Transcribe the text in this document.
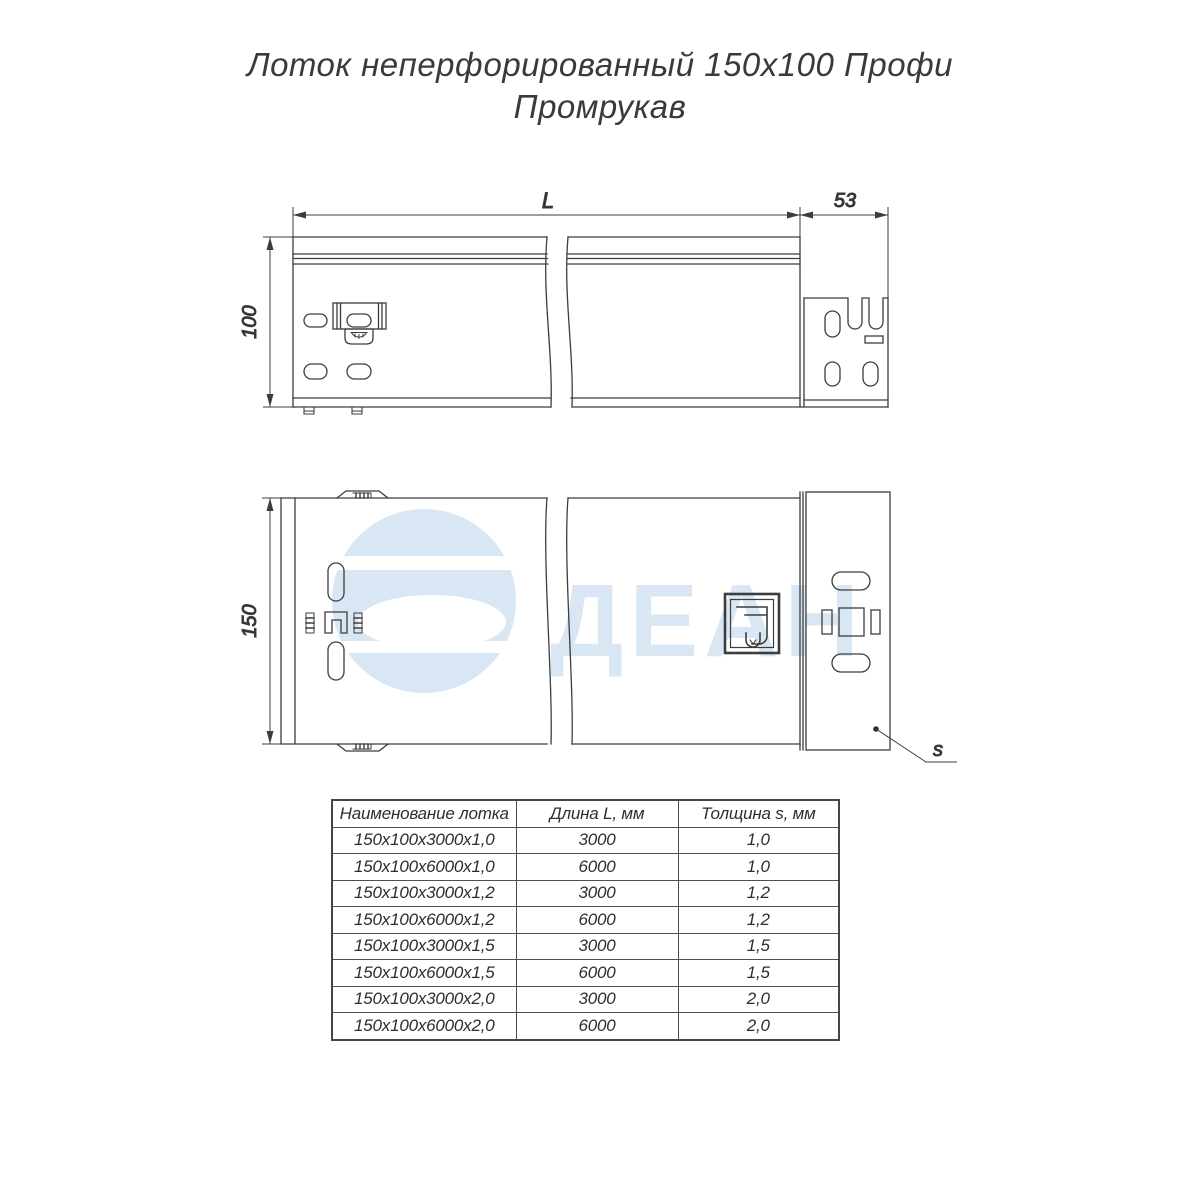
Лоток неперфорированный 150x100 Профи
Промрукав
ДЕАН
L	53
100
150
s
Наименование лотка	Длина L, мм	Толщина s, мм
150x100x3000x1,0	3000	1,0
150x100x6000x1,0	6000	1,0
150x100x3000x1,2	3000	1,2
150x100x6000x1,2	6000	1,2
150x100x3000x1,5	3000	1,5
150x100x6000x1,5	6000	1,5
150x100x3000x2,0	3000	2,0
150x100x6000x2,0	6000	2,0
